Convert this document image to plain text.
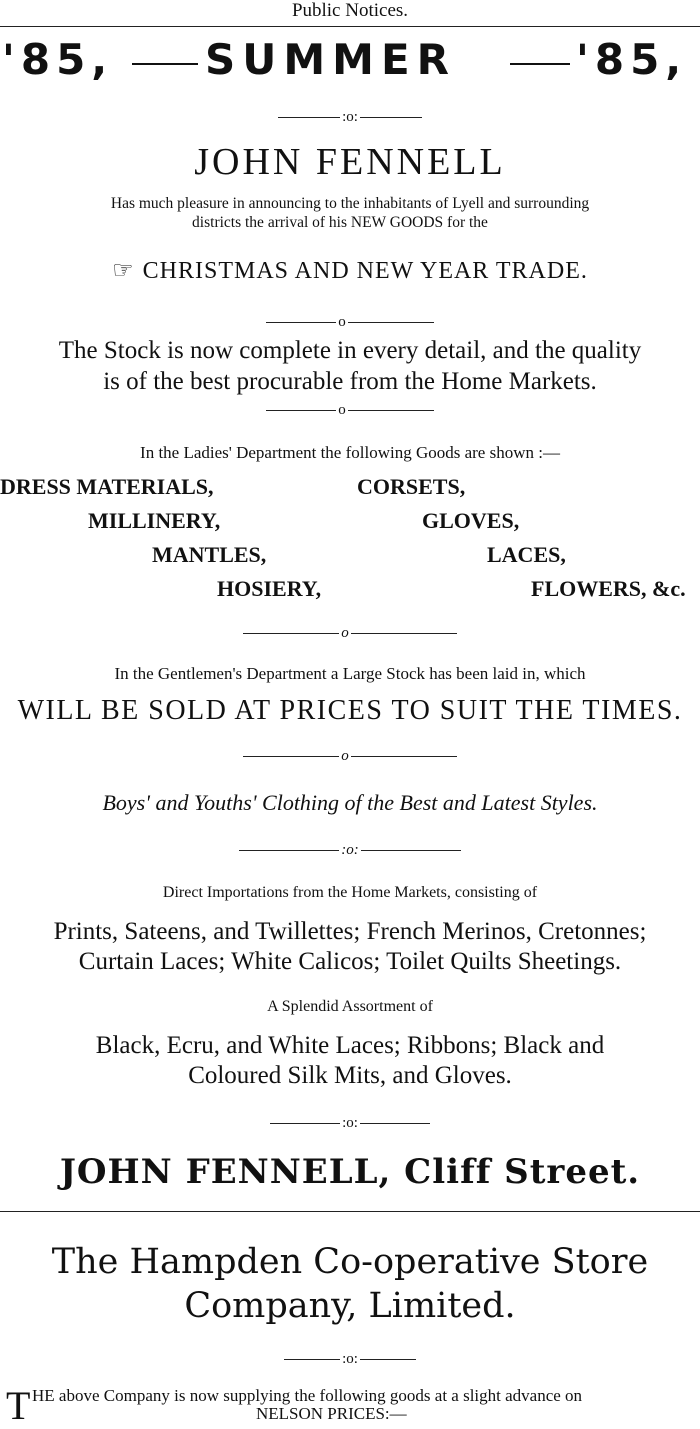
Public Notices.
'85, SUMMER	'85,
:o:
JOHN FENNELL
Has much pleasure in announcing to the inhabitants of Lyell and surrounding
districts the arrival of his NEW GOODS for the
☞ CHRISTMAS AND NEW YEAR TRADE.
o
The Stock is now complete in every detail, and the quality
is of the best procurable from the Home Markets.
o
In the Ladies' Department the following Goods are shown :—
DRESS MATERIALS,	CORSETS,
MILLINERY,	GLOVES,
MANTLES,	LACES,
HOSIERY,	FLOWERS, &c.
o
In the Gentlemen's Department a Large Stock has been laid in, which
WILL BE SOLD AT PRICES TO SUIT THE TIMES.
o
Boys' and Youths' Clothing of the Best and Latest Styles.
:o:
Direct Importations from the Home Markets, consisting of
Prints, Sateens, and Twillettes; French Merinos, Cretonnes;
Curtain Laces; White Calicos; Toilet Quilts Sheetings.
A Splendid Assortment of
Black, Ecru, and White Laces; Ribbons; Black and
Coloured Silk Mits, and Gloves.
:o:
JOHN FENNELL, Cliff Street.
The Hampden Co-operative Store
Company, Limited.
:o:
T HE above Company is now supplying the following goods at a slight advance on
NELSON PRICES:—
